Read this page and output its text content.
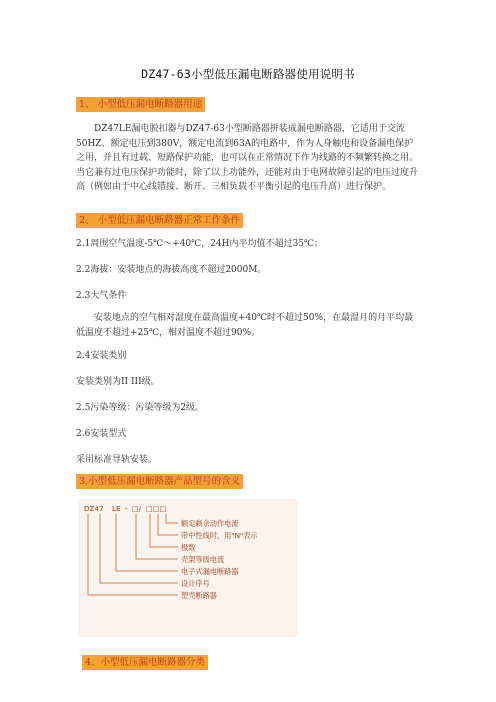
DZ47-63小型低压漏电断路器使用说明书
1、 小型低压漏电断路器用途

DZ47LE漏电脱扣器与DZ47-63小型断路器拼装成漏电断路器，它适用于交流50HZ、额定电压到380V，额定电流到63A的电路中，作为人身触电和设备漏电保护之用，并且有过载、短路保护功能，也可以在正常情况下作为线路的不频繁转换之用。当它兼有过电压保护功能时，除了以上功能外，还能对由于电网故障引起的电压过度升高（例如由于中心线错接、断开、三相负载不平衡引起的电压升高）进行保护。

2、 小型低压漏电断路器正常工作条件
2.1周围空气温度-5℃～+40℃，24H内平均值不超过35℃；
2.2海拔：安装地点的海拔高度不超过2000M。
2.3大气条件

安装地点的空气相对湿度在最高温度+40℃时不超过50%，在最湿月的月平均最低温度不超过+25℃，相对温度不超过90%。

2.4安装类别
安装类别为II III级。
2.5污染等级：污染等级为2级。
2.6安装型式
采用标准导轨安装。
3.小型低压漏电断路器产品型号的含义
DZ47 LE - □/ □□□
额定剩余动作电流
带中性线时，用"N"表示
极数
壳架等级电流
电子式漏电断路器
设计序号
塑壳断路器
4、小型低压漏电断路器分类
